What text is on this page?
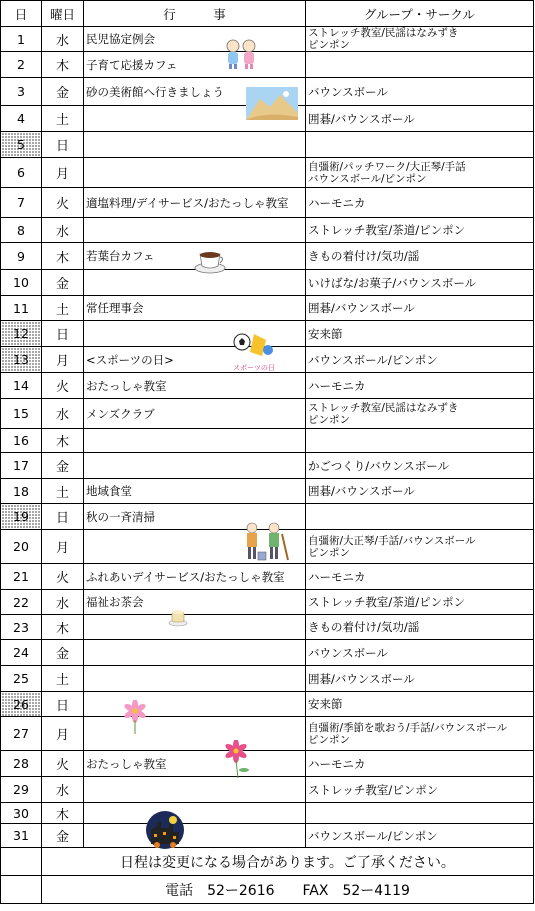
日	曜日	行　　　事	グループ・サークル
1	水	民児協定例会	ストレッチ教室/民謡はなみずき
ピンポン

2	木	子育て応援カフェ	
3	金	砂の美術館へ行きましょう	バウンスボール

4	土		囲碁/バウンスボール

5	日		
6	月		自彊術/パッチワーク/大正琴/手話
バウンスボール/ピンポン

7	火	適塩料理/デイサービス/おたっしゃ教室	ハーモニカ

8	水		ストレッチ教室/茶道/ピンポン

9	木	若葉台カフェ	きもの着付け/気功/謡

10	金		いけばな/お菓子/バウンスボール

11	土	常任理事会	囲碁/バウンスボール

12	日		安来節

13	月	<スポーツの日>	バウンスボール/ピンポン

14	火	おたっしゃ教室	ハーモニカ

15	水	メンズクラブ	ストレッチ教室/民謡はなみずき
ピンポン

16	木		
17	金		かごつくり/バウンスボール

18	土	地域食堂	囲碁/バウンスボール

19	日	秋の一斉清掃	
20	月		自彊術/大正琴/手話/バウンスボール
ピンポン

21	火	ふれあいデイサービス/おたっしゃ教室	ハーモニカ

22	水	福祉お茶会	ストレッチ教室/茶道/ピンポン

23	木		きもの着付け/気功/謡

24	金		バウンスボール

25	土		囲碁/バウンスボール

26	日		安来節

27	月		自彊術/季節を歌おう/手話/バウンスボール
ピンポン

28	火	おたっしゃ教室	ハーモニカ

29	水		ストレッチ教室/ピンポン

30	木		
31	金		バウンスボール/ピンポン

	日程は変更になる場合があります。ご了承ください。		
	電話　52ー2616　　FAX　52ー4119		
スポーツの日
